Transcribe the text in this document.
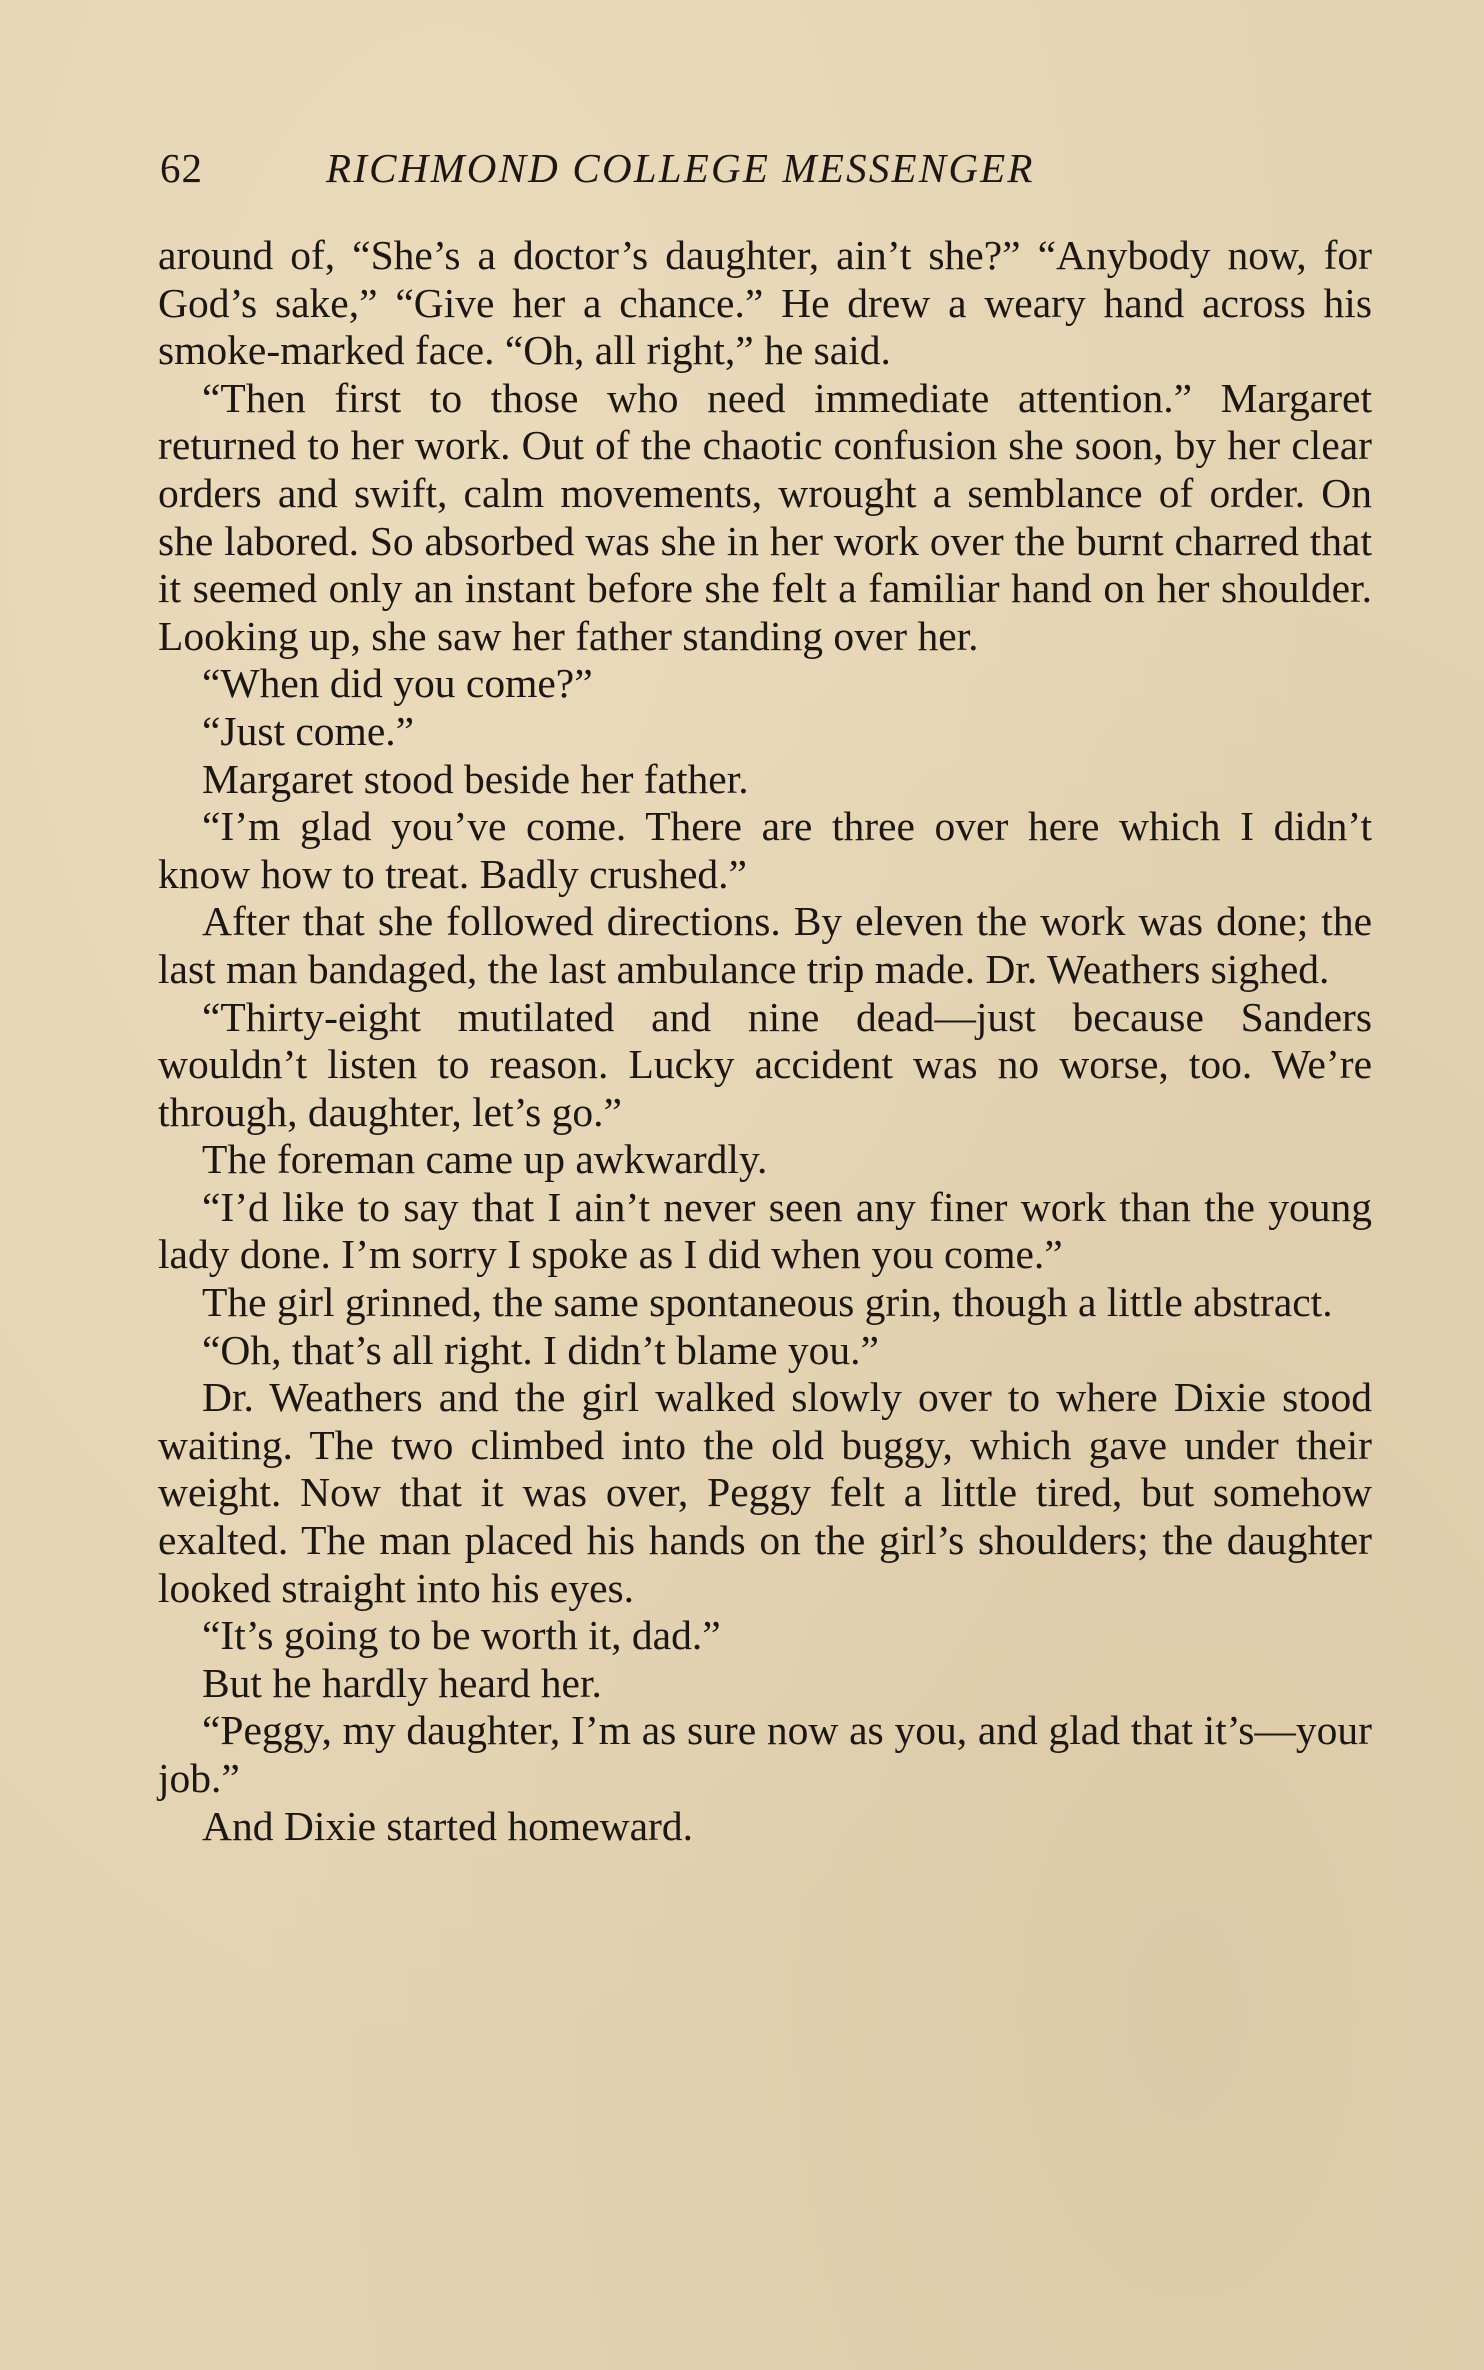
62	RICHMOND COLLEGE MESSENGER

around of, “She’s a doctor’s daughter, ain’t she?” “Anybody now, for God’s sake,” “Give her a chance.” He drew a weary hand across his smoke-marked face. “Oh, all right,” he said.

“Then first to those who need immediate attention.” Margaret returned to her work. Out of the chaotic confusion she soon, by her clear orders and swift, calm movements, wrought a semblance of order. On she labored. So absorbed was she in her work over the burnt charred that it seemed only an instant before she felt a familiar hand on her shoulder. Looking up, she saw her father standing over her.

“When did you come?”

“Just come.”

Margaret stood beside her father.

“I’m glad you’ve come. There are three over here which I didn’t know how to treat. Badly crushed.”

After that she followed directions. By eleven the work was done; the last man bandaged, the last ambulance trip made. Dr. Weathers sighed.

“Thirty-eight mutilated and nine dead—just because Sanders wouldn’t listen to reason. Lucky accident was no worse, too. We’re through, daughter, let’s go.”

The foreman came up awkwardly.

“I’d like to say that I ain’t never seen any finer work than the young lady done. I’m sorry I spoke as I did when you come.”

The girl grinned, the same spontaneous grin, though a little abstract.

“Oh, that’s all right. I didn’t blame you.”

Dr. Weathers and the girl walked slowly over to where Dixie stood waiting. The two climbed into the old buggy, which gave under their weight. Now that it was over, Peggy felt a little tired, but somehow exalted. The man placed his hands on the girl’s shoulders; the daughter looked straight into his eyes.

“It’s going to be worth it, dad.”

But he hardly heard her.

“Peggy, my daughter, I’m as sure now as you, and glad that it’s—your job.”

And Dixie started homeward.
